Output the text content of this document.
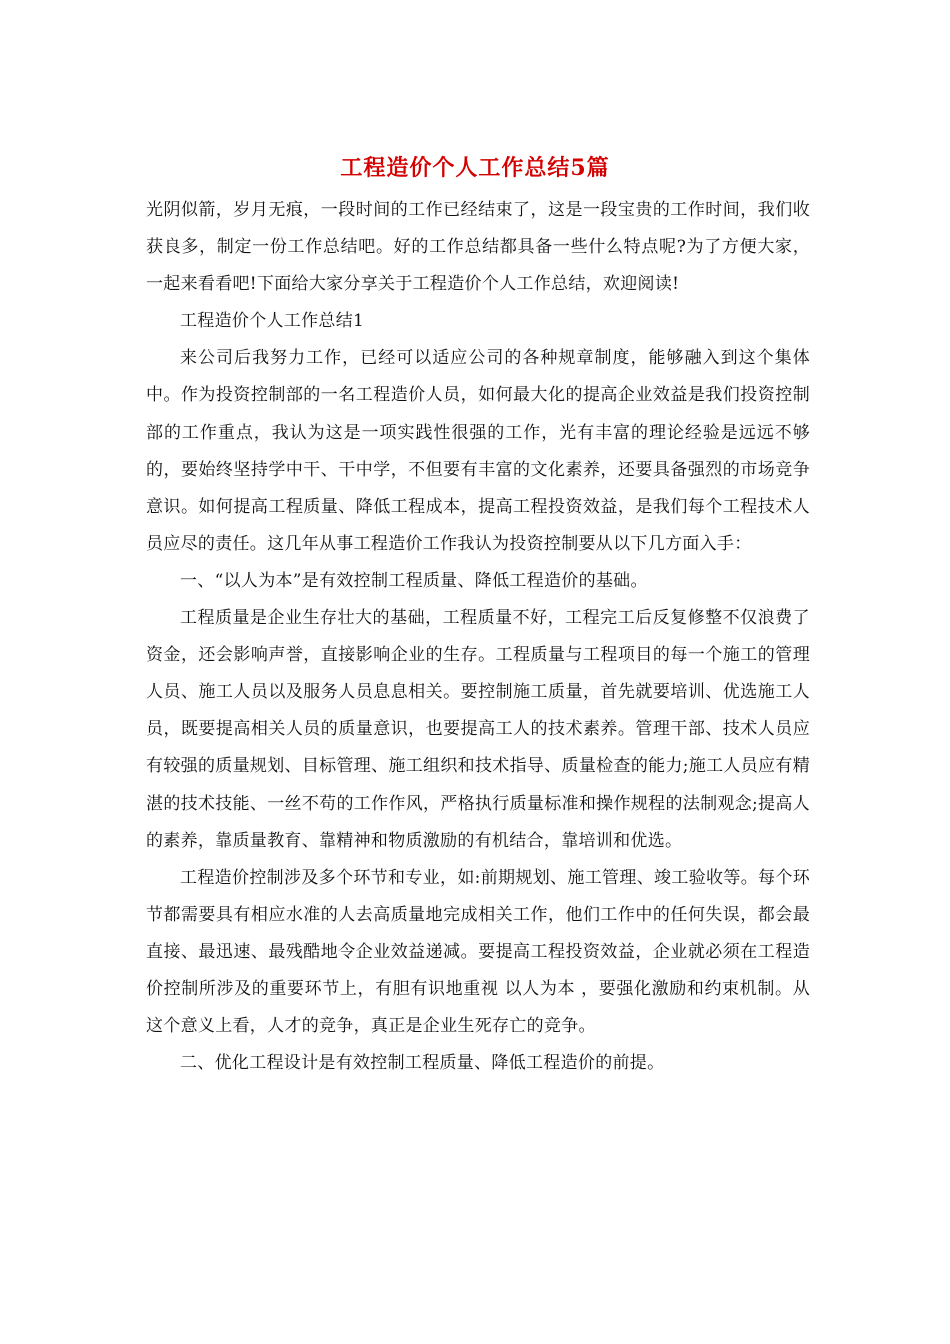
工程造价个人工作总结5篇

光阴似箭，岁月无痕，一段时间的工作已经结束了，这是一段宝贵的工作时间，我们收获良多，制定一份工作总结吧。好的工作总结都具备一些什么特点呢?为了方便大家，一起来看看吧!下面给大家分享关于工程造价个人工作总结，欢迎阅读!

工程造价个人工作总结1

来公司后我努力工作，已经可以适应公司的各种规章制度，能够融入到这个集体中。作为投资控制部的一名工程造价人员，如何最大化的提高企业效益是我们投资控制部的工作重点，我认为这是一项实践性很强的工作，光有丰富的理论经验是远远不够的，要始终坚持学中干、干中学，不但要有丰富的文化素养，还要具备强烈的市场竞争意识。如何提高工程质量、降低工程成本，提高工程投资效益，是我们每个工程技术人员应尽的责任。这几年从事工程造价工作我认为投资控制要从以下几方面入手：

一、“以人为本”是有效控制工程质量、降低工程造价的基础。

工程质量是企业生存壮大的基础，工程质量不好，工程完工后反复修整不仅浪费了资金，还会影响声誉，直接影响企业的生存。工程质量与工程项目的每一个施工的管理人员、施工人员以及服务人员息息相关。要控制施工质量，首先就要培训、优选施工人员，既要提高相关人员的质量意识，也要提高工人的技术素养。管理干部、技术人员应有较强的质量规划、目标管理、施工组织和技术指导、质量检查的能力;施工人员应有精湛的技术技能、一丝不苟的工作作风，严格执行质量标准和操作规程的法制观念;提高人的素养，靠质量教育、靠精神和物质激励的有机结合，靠培训和优选。

工程造价控制涉及多个环节和专业，如:前期规划、施工管理、竣工验收等。每个环节都需要具有相应水准的人去高质量地完成相关工作，他们工作中的任何失误，都会最直接、最迅速、最残酷地令企业效益递减。要提高工程投资效益，企业就必须在工程造价控制所涉及的重要环节上，有胆有识地重视 以人为本 ，要强化激励和约束机制。从这个意义上看，人才的竞争，真正是企业生死存亡的竞争。

二、优化工程设计是有效控制工程质量、降低工程造价的前提。
